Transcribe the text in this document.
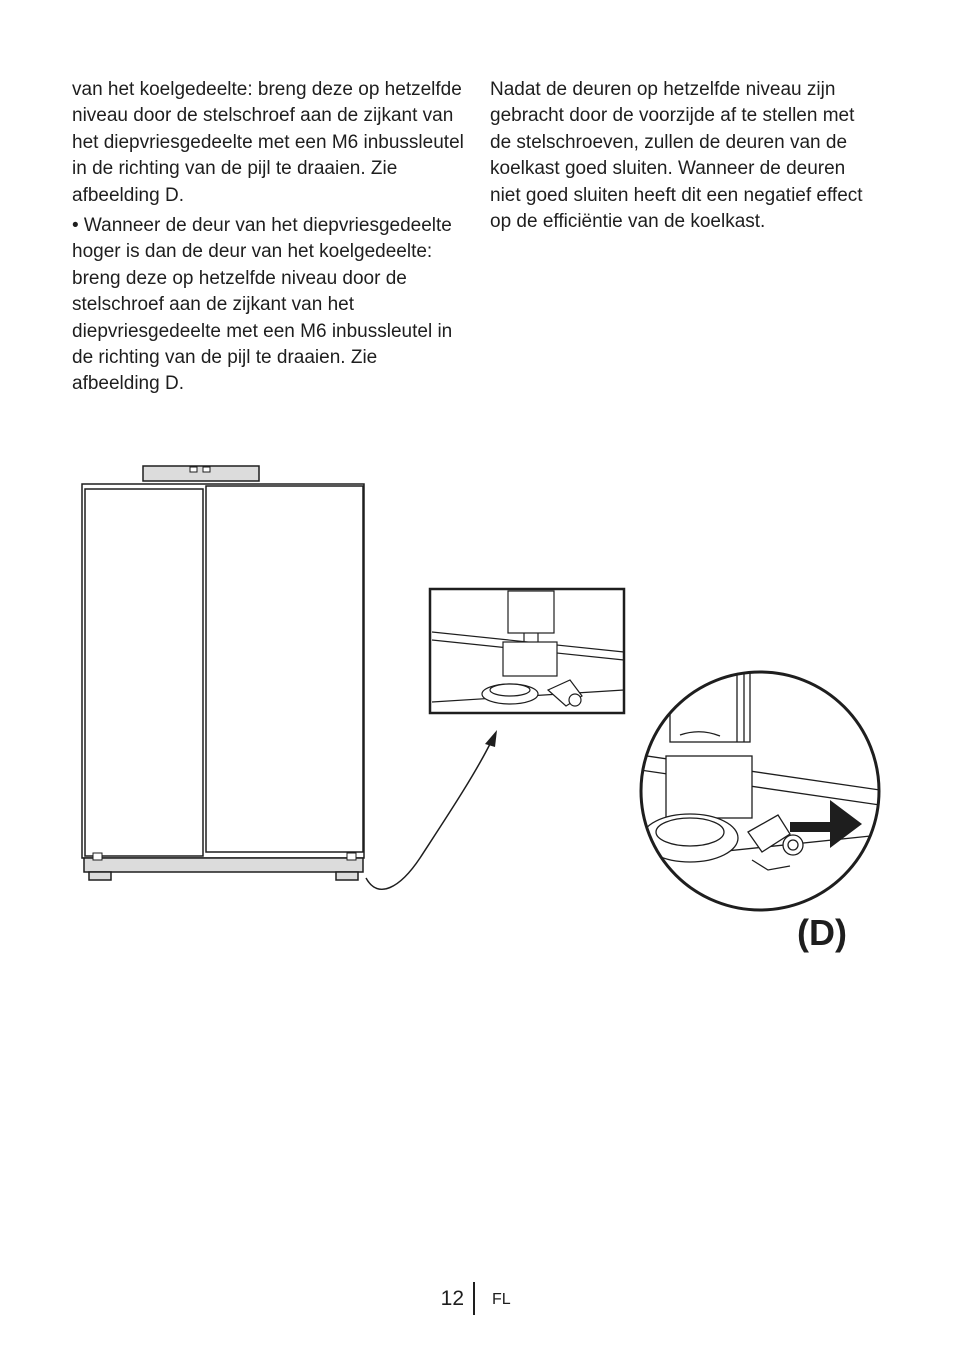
van het koelgedeelte: breng deze op hetzelfde niveau door de stelschroef aan de zijkant van het diepvriesgedeelte met een M6 inbussleutel in de richting van de pijl te draaien. Zie afbeelding D.

• Wanneer de deur van het diepvriesgedeelte hoger is dan de deur van het koelgedeelte: breng deze op hetzelfde niveau door de stelschroef aan de zijkant van het diepvriesgedeelte met een M6 inbussleutel in de richting van de pijl te draaien. Zie afbeelding D.

Nadat de deuren op hetzelfde niveau zijn gebracht door de voorzijde af te stellen met de stelschroeven, zullen de deuren van de koelkast goed sluiten. Wanneer de deuren niet goed sluiten heeft dit een negatief effect op de efficiëntie van de koelkast.

(D)
12 FL
